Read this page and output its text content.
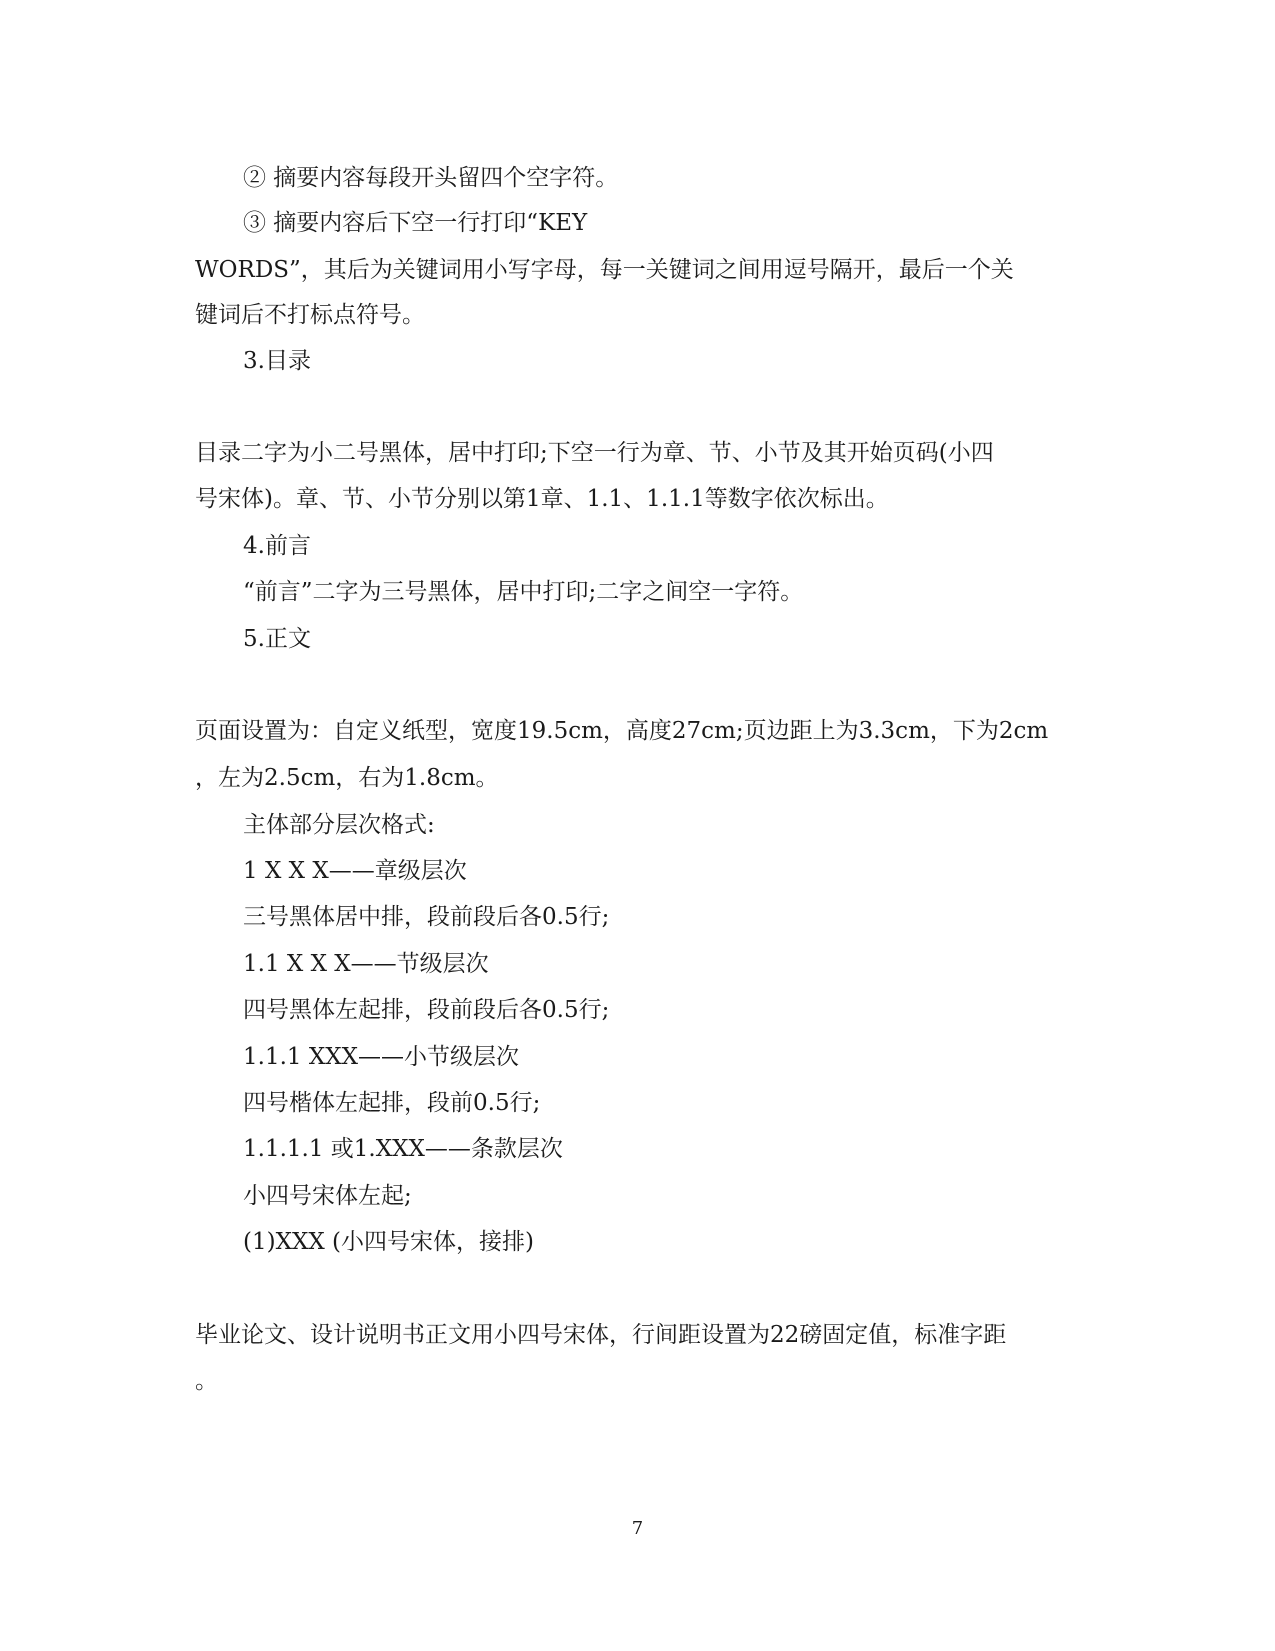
② 摘要内容每段开头留四个空字符。
③ 摘要内容后下空一行打印“KEY
WORDS”，其后为关键词用小写字母，每一关键词之间用逗号隔开，最后一个关
键词后不打标点符号。
3.目录
目录二字为小二号黑体，居中打印;下空一行为章、节、小节及其开始页码(小四
号宋体)。章、节、小节分别以第1章、1.1、1.1.1等数字依次标出。
4.前言
“前言”二字为三号黑体，居中打印;二字之间空一字符。
5.正文
页面设置为：自定义纸型，宽度19.5cm，高度27cm;页边距上为3.3cm，下为2cm
，左为2.5cm，右为1.8cm。
主体部分层次格式:
1 X X X——章级层次
三号黑体居中排，段前段后各0.5行;
1.1 X X X——节级层次
四号黑体左起排，段前段后各0.5行;
1.1.1 XXX——小节级层次
四号楷体左起排，段前0.5行;
1.1.1.1 或1.XXX——条款层次
小四号宋体左起;
(1)XXX (小四号宋体，接排)
毕业论文、设计说明书正文用小四号宋体，行间距设置为22磅固定值，标准字距
。
7
